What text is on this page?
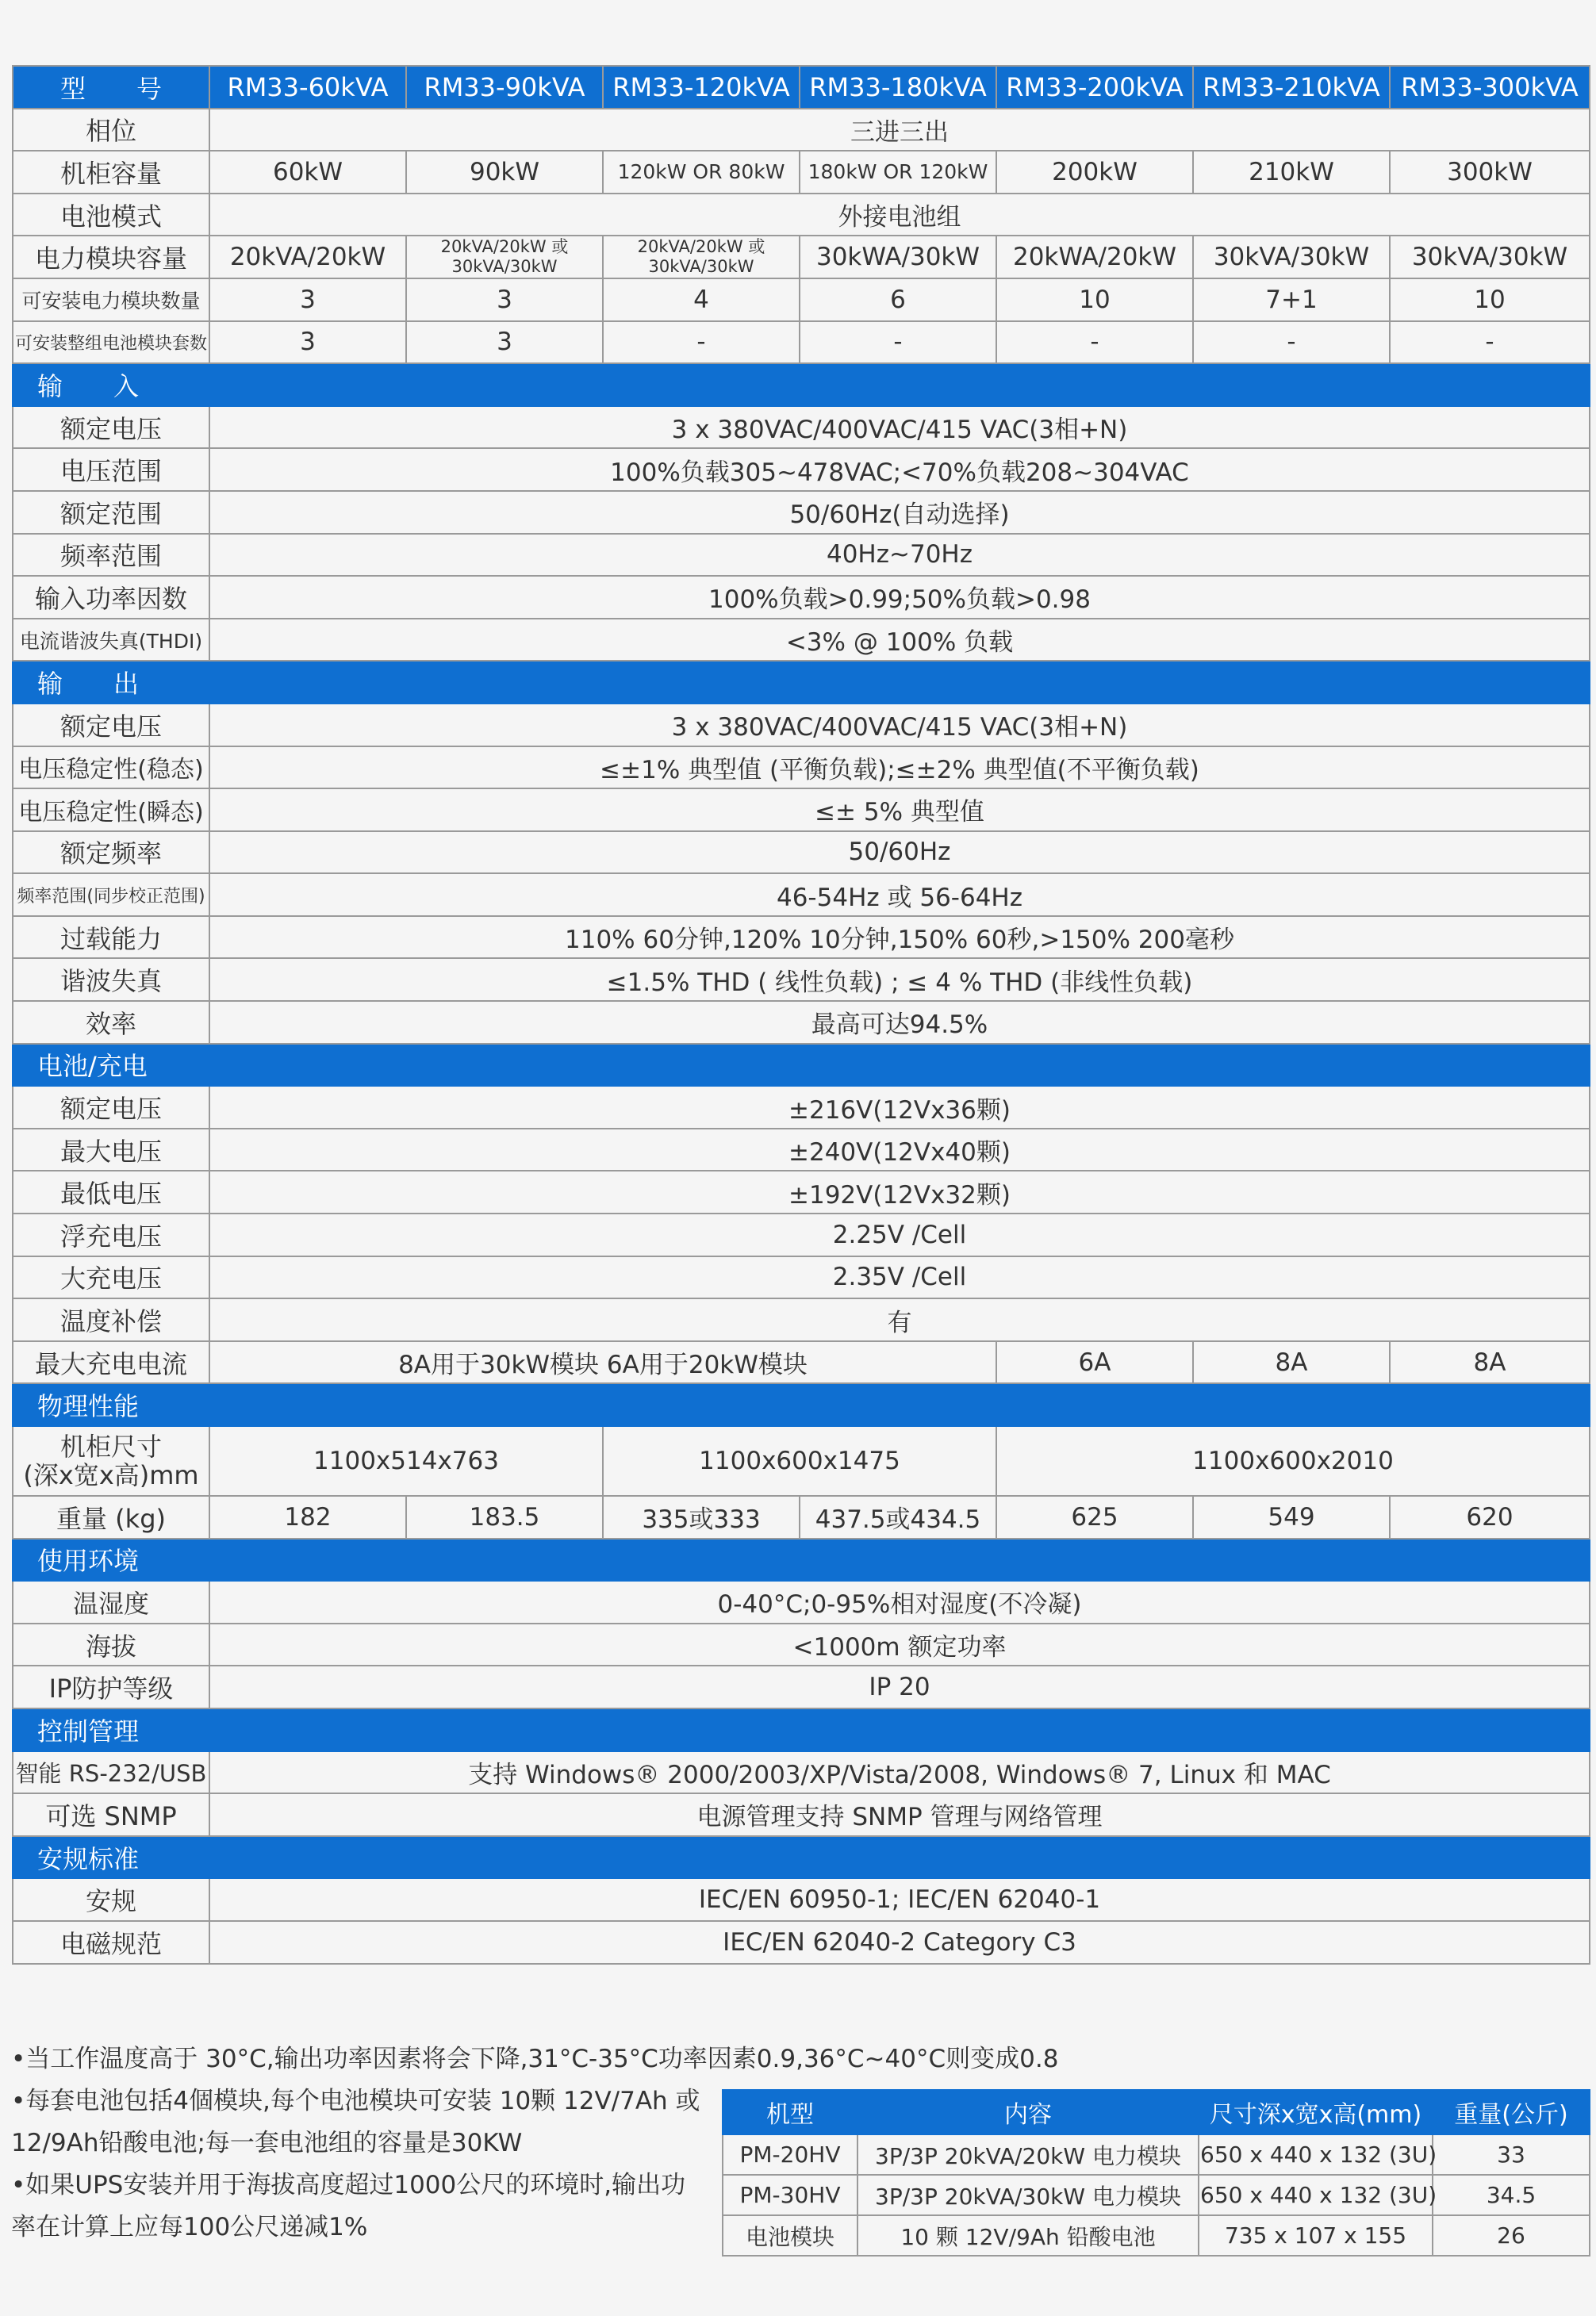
型　　号	RM33-60kVA	RM33-90kVA	RM33-120kVA	RM33-180kVA	RM33-200kVA	RM33-210kVA	RM33-300kVA
相位	三进三出						
机柜容量	60kW	90kW	120kW OR 80kW	180kW OR 120kW	200kW	210kW	300kW
电池模式	外接电池组						
电力模块容量	20kVA/20kW	20kVA/20kW 或 30kVA/30kW	20kVA/20kW 或 30kVA/30kW	30kWA/30kW	20kWA/20kW	30kVA/30kW	30kVA/30kW
可安装电力模块数量	3	3	4	6	10	7+1	10
可安装整组电池模块套数	3	3	-	-	-	-	-
输　　入							
额定电压	3 x 380VAC/400VAC/415 VAC(3相+N)						
电压范围	100%负载305~478VAC;<70%负载208~304VAC						
额定范围	50/60Hz(自动选择)						
频率范围	40Hz~70Hz						
输入功率因数	100%负载>0.99;50%负载>0.98						
电流谐波失真(THDI)	<3% @ 100% 负载						
输　　出							
额定电压	3 x 380VAC/400VAC/415 VAC(3相+N)						
电压稳定性(稳态)	≤±1% 典型值 (平衡负载);≤±2% 典型值(不平衡负载)						
电压稳定性(瞬态)	≤± 5% 典型值						
额定频率	50/60Hz						
频率范围(同步校正范围)	46-54Hz 或 56-64Hz						
过载能力	110% 60分钟,120% 10分钟,150% 60秒,>150% 200毫秒						
谐波失真	≤1.5% THD ( 线性负载) ; ≤ 4 % THD (非线性负载)						
效率	最高可达94.5%						
电池/充电							
额定电压	±216V(12Vx36颗)						
最大电压	±240V(12Vx40颗)						
最低电压	±192V(12Vx32颗)						
浮充电压	2.25V /Cell						
大充电压	2.35V /Cell						
温度补偿	有						
最大充电电流	8A用于30kW模块 6A用于20kW模块				6A	8A	8A
物理性能							

机柜尺寸
(深x宽x高)mm	1100x514x763		1100x600x1475		1100x600x2010		
重量 (kg)	182	183.5	335或333	437.5或434.5	625	549	620
使用环境							
温湿度	0-40°C;0-95%相对湿度(不冷凝)						
海拔	<1000m 额定功率						
IP防护等级	IP 20						
控制管理							
智能 RS-232/USB	支持 Windows® 2000/2003/XP/Vista/2008, Windows® 7, Linux 和 MAC						
可选 SNMP	电源管理支持 SNMP 管理与网络管理						
安规标准							
安规	IEC/EN 60950-1; IEC/EN 62040-1						
电磁规范	IEC/EN 62040-2 Category C3						
•当工作温度高于 30°C,输出功率因素将会下降,31°C-35°C功率因素0.9,36°C~40°C则变成0.8
•每套电池包括4個模块,每个电池模块可安装 10颗 12V/7Ah 或 12/9Ah铅酸电池;每一套电池组的容量是30KW
•如果UPS安装并用于海拔高度超过1000公尺的环境时,输出功率在计算上应每100公尺递减1%
机型	内容	尺寸深x宽x高(mm)	重量(公斤)
PM-20HV	3P/3P 20kVA/20kW 电力模块	650 x 440 x 132 (3U)	33
PM-30HV	3P/3P 20kVA/30kW 电力模块	650 x 440 x 132 (3U)	34.5
电池模块	10 颗 12V/9Ah 铅酸电池	735 x 107 x 155	26
